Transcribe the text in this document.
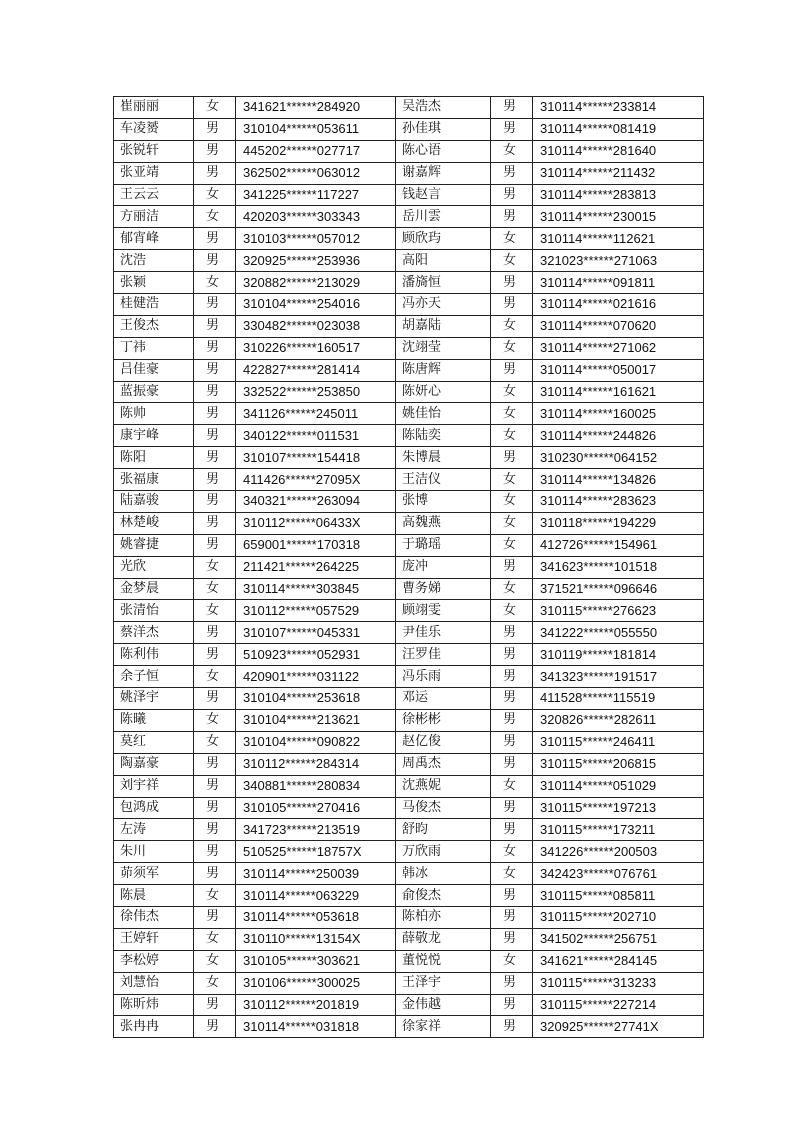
崔丽丽	女	341621******284920	吴浩杰	男	310114******233814
车凌赟	男	310104******053611	孙佳琪	男	310114******081419
张锐轩	男	445202******027717	陈心语	女	310114******281640
张亚靖	男	362502******063012	谢嘉辉	男	310114******211432
王云云	女	341225******117227	钱赵言	男	310114******283813
方丽洁	女	420203******303343	岳川雲	男	310114******230015
郁宵峰	男	310103******057012	顾欣玙	女	310114******112621
沈浩	男	320925******253936	高阳	女	321023******271063
张颖	女	320882******213029	潘旖恒	男	310114******091811
桂健浩	男	310104******254016	冯亦天	男	310114******021616
王俊杰	男	330482******023038	胡嘉陆	女	310114******070620
丁祎	男	310226******160517	沈翊莹	女	310114******271062
吕佳豪	男	422827******281414	陈唐辉	男	310114******050017
蓝振豪	男	332522******253850	陈妍心	女	310114******161621
陈帅	男	341126******245011	姚佳怡	女	310114******160025
康宇峰	男	340122******011531	陈陆奕	女	310114******244826
陈阳	男	310107******154418	朱博晨	男	310230******064152
张福康	男	411426******27095X	王洁仪	女	310114******134826
陆嘉骏	男	340321******263094	张博	女	310114******283623
林楚峻	男	310112******06433X	高魏燕	女	310118******194229
姚睿捷	男	659001******170318	于璐瑶	女	412726******154961
光欣	女	211421******264225	庞冲	男	341623******101518
金梦晨	女	310114******303845	曹务娣	女	371521******096646
张清怡	女	310112******057529	顾翊雯	女	310115******276623
蔡洋杰	男	310107******045331	尹佳乐	男	341222******055550
陈利伟	男	510923******052931	汪罗佳	男	310119******181814
余子恒	女	420901******031122	冯乐雨	男	341323******191517
姚泽宇	男	310104******253618	邓运	男	411528******115519
陈曦	女	310104******213621	徐彬彬	男	320826******282611
莫红	女	310104******090822	赵亿俊	男	310115******246411
陶嘉豪	男	310112******284314	周禹杰	男	310115******206815
刘宇祥	男	340881******280834	沈燕妮	女	310114******051029
包鸿成	男	310105******270416	马俊杰	男	310115******197213
左涛	男	341723******213519	舒昀	男	310115******173211
朱川	男	510525******18757X	万欣雨	女	341226******200503
茆须军	男	310114******250039	韩冰	女	342423******076761
陈晨	女	310114******063229	俞俊杰	男	310115******085811
徐伟杰	男	310114******053618	陈柏亦	男	310115******202710
王婷轩	女	310110******13154X	薛敬龙	男	341502******256751
李松婷	女	310105******303621	董悦悦	女	341621******284145
刘慧怡	女	310106******300025	王泽宇	男	310115******313233
陈昕炜	男	310112******201819	金伟越	男	310115******227214
张冉冉	男	310114******031818	徐家祥	男	320925******27741X
